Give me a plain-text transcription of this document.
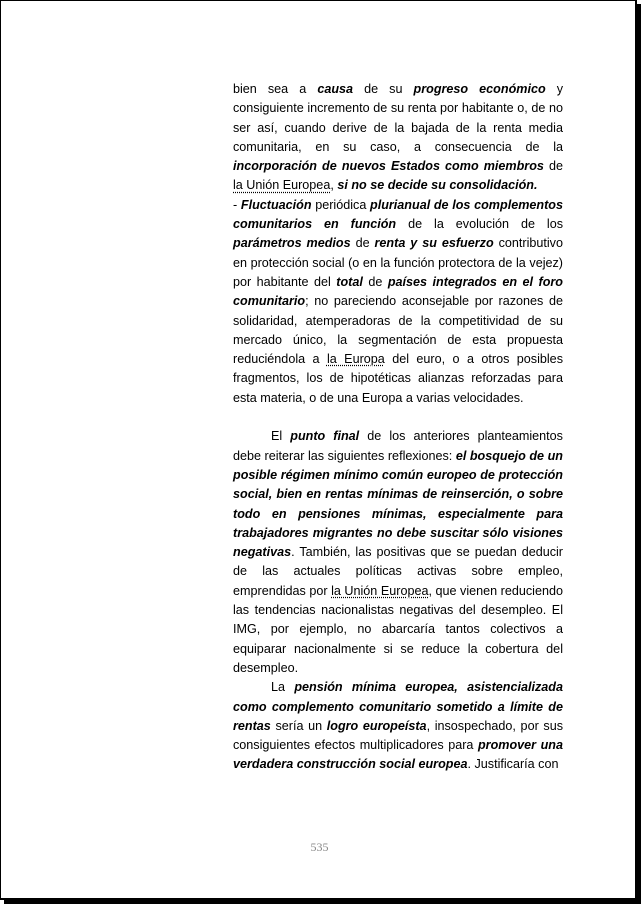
bien sea a causa de su progreso económico y consiguiente incremento de su renta por habitante o, de no ser así, cuando derive de la bajada de la renta media comunitaria, en su caso, a consecuencia de la incorporación de nuevos Estados como miembros de la Unión Europea, si no se decide su consolidación.

- Fluctuación periódica plurianual de los complementos comunitarios en función de la evolución de los parámetros medios de renta y su esfuerzo contributivo en protección social (o en la función protectora de la vejez) por habitante del total de países integrados en el foro comunitario; no pareciendo aconsejable por razones de solidaridad, atemperadoras de la competitividad de su mercado único, la segmentación de esta propuesta reduciéndola a la Europa del euro, o a otros posibles fragmentos, los de hipotéticas alianzas reforzadas para esta materia, o de una Europa a varias velocidades.

El punto final de los anteriores planteamientos debe reiterar las siguientes reflexiones: el bosquejo de un posible régimen mínimo común europeo de protección social, bien en rentas mínimas de reinserción, o sobre todo en pensiones mínimas, especialmente para trabajadores migrantes no debe suscitar sólo visiones negativas. También, las positivas que se puedan deducir de las actuales políticas activas sobre empleo, emprendidas por la Unión Europea, que vienen reduciendo las tendencias nacionalistas negativas del desempleo. El IMG, por ejemplo, no abarcaría tantos colectivos a equiparar nacionalmente si se reduce la cobertura del desempleo.

La pensión mínima europea, asistencializada como complemento comunitario sometido a límite de rentas sería un logro europeísta, insospechado, por sus consiguientes efectos multiplicadores para promover una verdadera construcción social europea. Justificaría con

535
